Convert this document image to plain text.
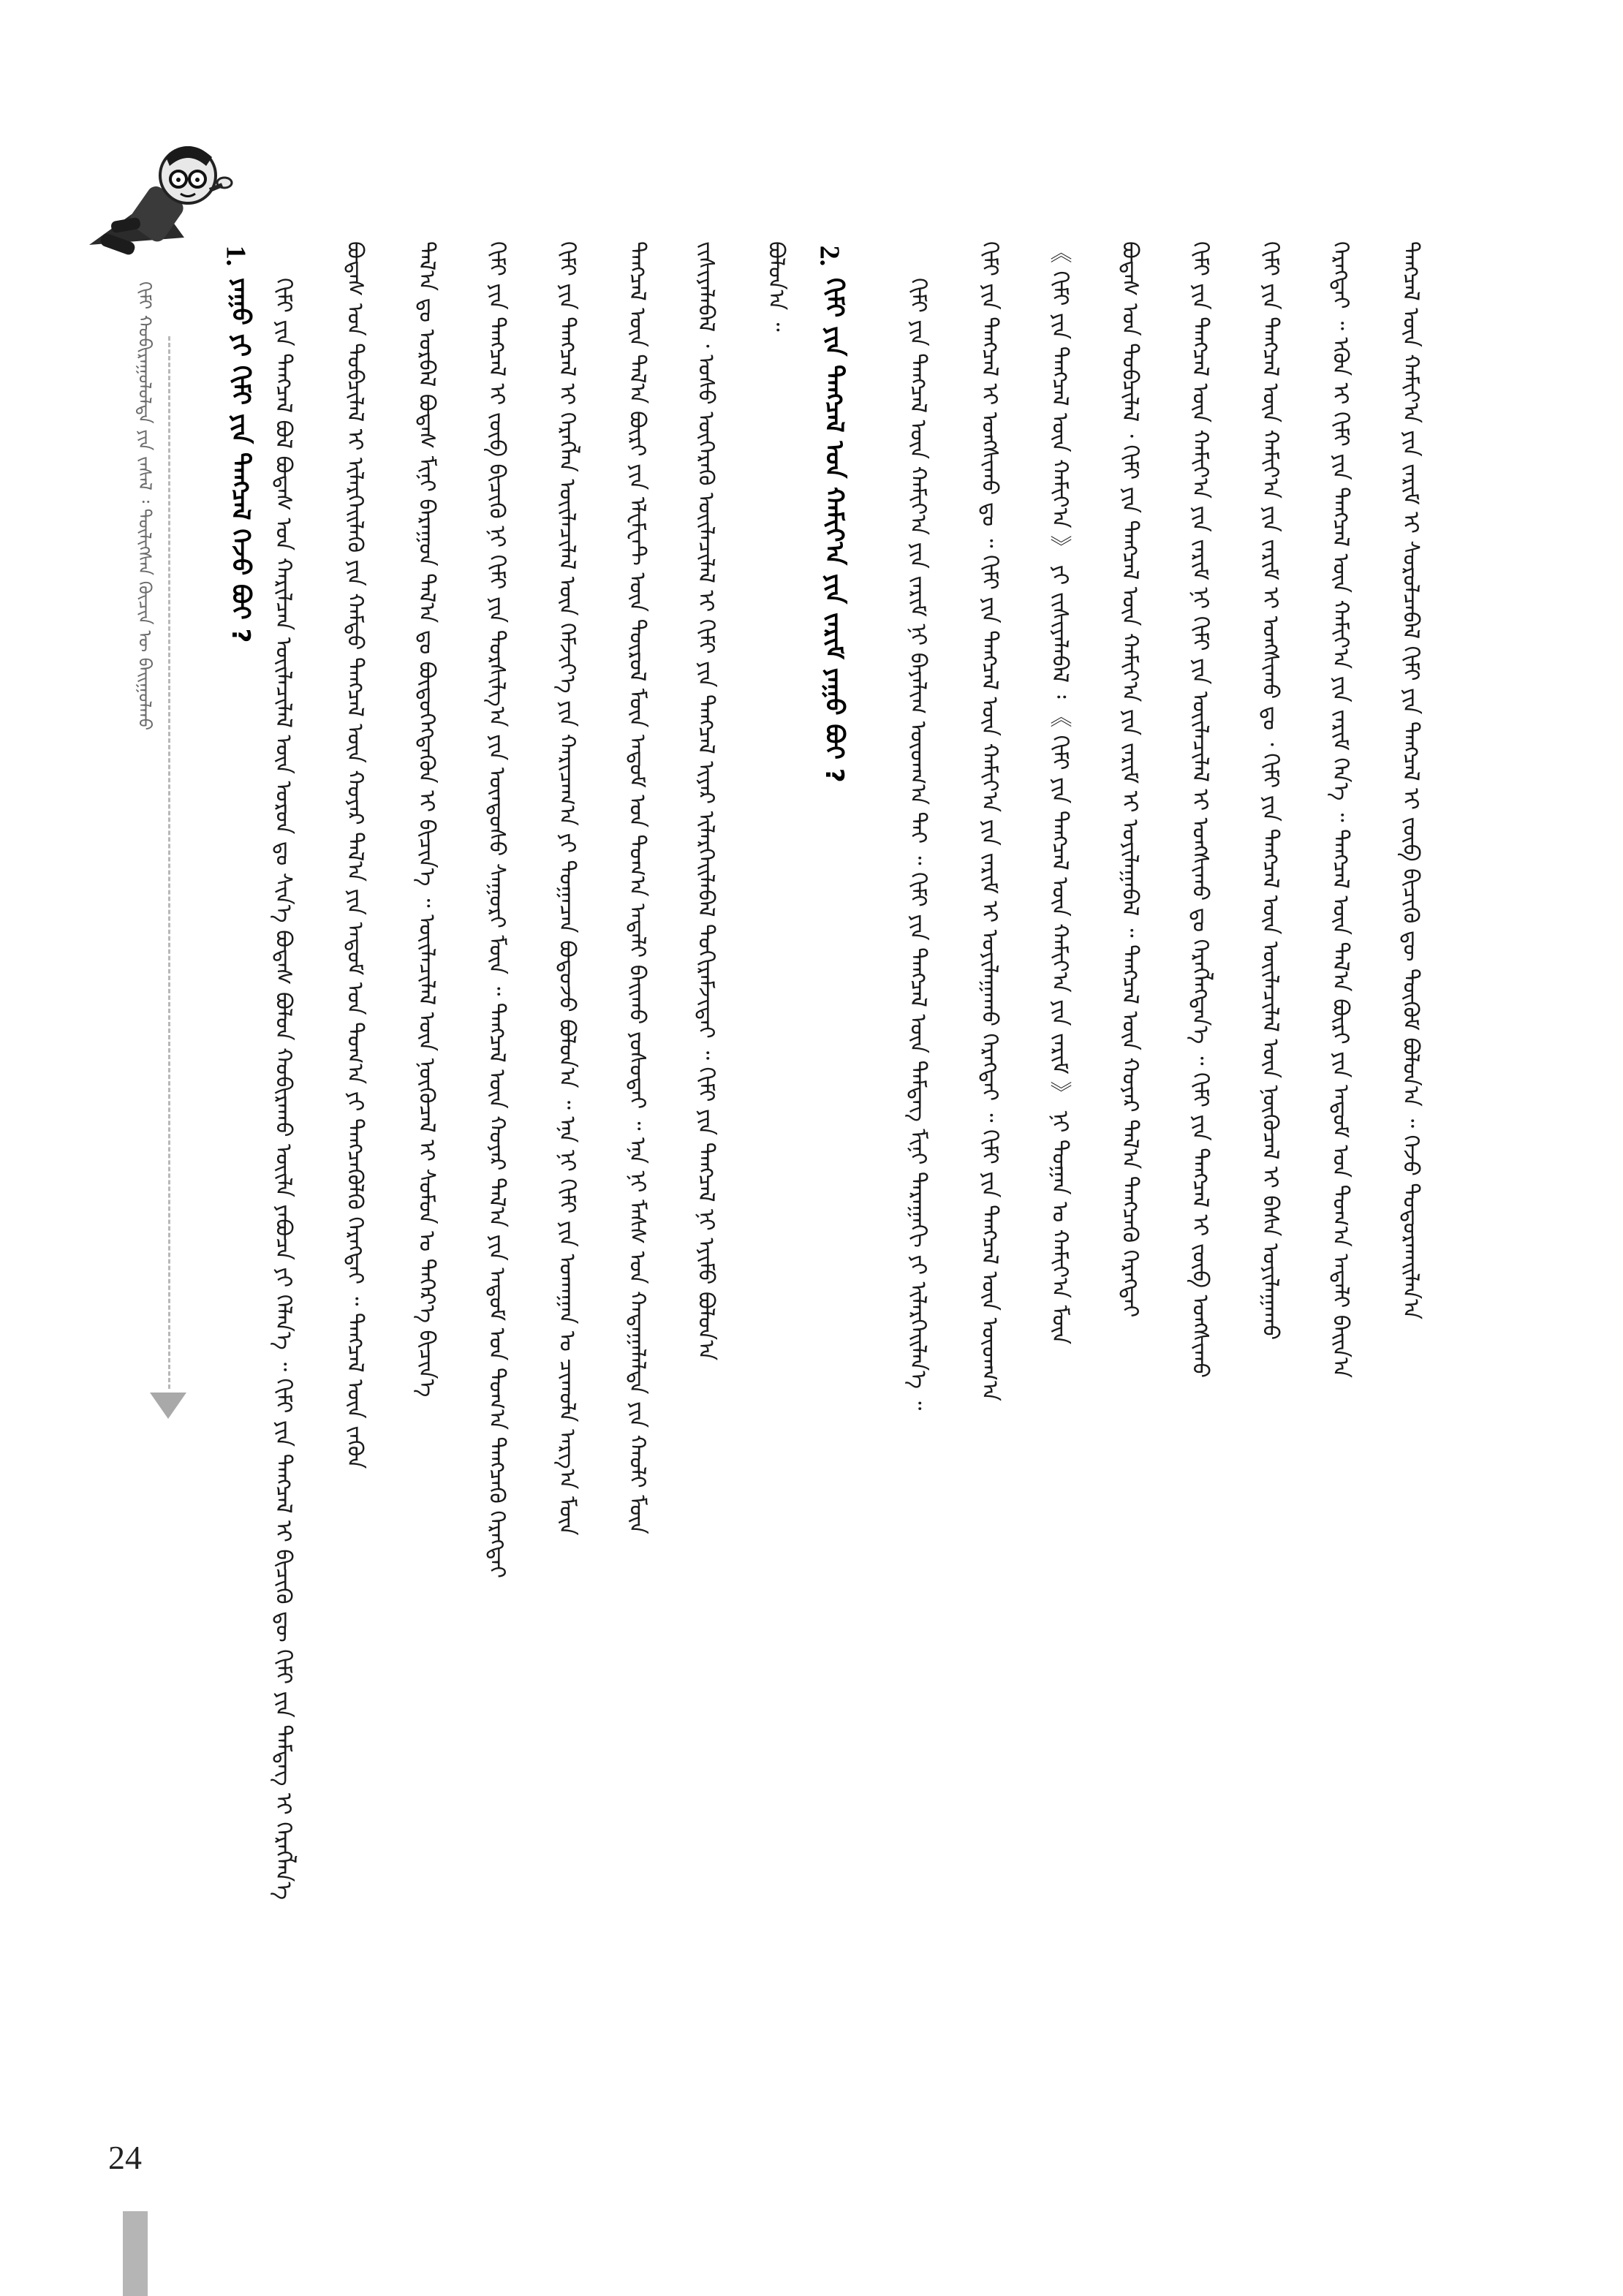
ᠬᠢᠮᠢ ᠬᠤᠪᠢᠷᠠᠭᠤᠯᠤᠯᠲᠠ ᠶᠢᠨ ᠵᠠᠰᠠᠯ ᠄ ᠲᠦᠯᠢᠭᠰᠡᠨ ᠬᠦᠴᠢᠨ ᠦ ᠪᠠᠢᠭᠤᠯᠬᠤ
1.
ᠶᠠᠭᠤ ᠶᠢ ᠬᠢᠮᠢ ᠶᠢᠨ ᠲᠡᠩᠴᠡᠯ ᠭᠡᠵᠦ ᠪᠤᠢ ? ᠬᠢᠮᠢ ᠶᠢᠨ ᠲᠡᠩᠴᠡᠯ ᠪᠣᠯ ᠪᠤᠳᠠᠰ ᠤᠨ ᠬᠠᠷᠢᠯᠴᠠᠨ ᠦᠢᠯᠡᠴᠢᠯᠡᠯ ᠦᠨ ᠤᠷᠤᠨ ᠳᠤ ᠰᠢᠨ᠎ᠡ ᠪᠤᠳᠠᠰ ᠪᠣᠯᠤᠨ ᠬᠤᠪᠢᠷᠠᠬᠤ ᠦᠢᠯᠡ ᠶᠠᠪᠤᠴᠠ ᠶᠢ ᠬᠡᠯᠡᠨ᠎ᠡ ᠃ ᠬᠢᠮᠢ ᠶᠢᠨ ᠲᠡᠩᠴᠡᠯ ᠢ ᠪᠢᠴᠢᠬᠦ ᠳᠦ ᠬᠢᠮᠢ ᠶᠢᠨ ᠲᠡᠮᠳᠡᠭ ᠢ ᠬᠡᠷᠡᠭᠯᠡᠨ᠎ᠡ ᠪᠤᠳᠠᠰ ᠤᠨ ᠲᠤᠪᠴᠢᠯᠠᠯ ᠢ ᠢᠯᠡᠷᠬᠡᠢᠯᠡᠬᠦ ᠶᠢᠨ ᠬᠠᠮᠲᠤ ᠲᠡᠩᠴᠡᠯ ᠦᠨ ᠬᠣᠶᠠᠷ ᠲᠠᠯ᠎ᠠ ᠶᠢᠨ ᠠᠲᠣᠮ ᠤᠨ ᠲᠣᠭ᠎ᠠ ᠶᠢ ᠲᠡᠩᠴᠡᠭᠦᠯᠬᠦ ᠬᠡᠷᠡᠭᠲᠡᠢ ᠃ ᠲᠡᠩᠴᠡᠯ ᠦᠨ ᠵᠡᠭᠦᠨ ᠲᠠᠯ᠎ᠠ ᠳᠤ ᠤᠷᠪᠠᠯ ᠪᠤᠳᠠᠰ ᠮᠢᠨᠢ ᠪᠠᠷᠠᠭᠤᠨ ᠲᠠᠯ᠎ᠠ ᠳᠤ ᠪᠦᠲᠦᠭᠡᠭᠳᠡᠬᠦᠨ ᠢ ᠪᠢᠴᠢᠨ᠎ᠡ ᠃ ᠦᠢᠯᠡᠴᠢᠯᠡᠯ ᠦᠨ ᠨᠥᠬᠦᠴᠡᠯ ᠢ ᠰᠤᠮᠤᠨ ᠤ ᠳᠡᠭᠡᠷ᠎ᠡ ᠪᠢᠴᠢᠨ᠎ᠡ ᠬᠢᠮᠢ ᠶᠢᠨ ᠲᠡᠩᠴᠡᠯ ᠢ ᠵᠦᠪ ᠪᠢᠴᠢᠬᠦ ᠨᠢ ᠬᠢᠮᠢ ᠶᠢᠨ ᠲᠤᠷᠰᠢᠯᠭ᠎ᠠ ᠶᠢᠨ ᠦᠨᠳᠦᠰᠦ ᠰᠠᠭᠤᠷᠢ ᠮᠥᠨ ᠃ ᠲᠡᠩᠴᠡᠯ ᠦᠨ ᠬᠣᠶᠠᠷ ᠲᠠᠯ᠎ᠠ ᠶᠢᠨ ᠠᠲᠣᠮ ᠤᠨ ᠲᠣᠭ᠎ᠠ ᠲᠡᠩᠴᠡᠬᠦ ᠬᠡᠷᠡᠭᠲᠡᠢ ᠬᠢᠮᠢ ᠶᠢᠨ ᠲᠡᠩᠴᠡᠯ ᠢ ᠬᠡᠷᠡᠭᠯᠡᠨ ᠦᠢᠯᠡᠴᠢᠯᠡᠯ ᠦᠨ ᠬᠡᠮᠵᠢᠶ᠎ᠡ ᠶᠢᠨ ᠬᠠᠷᠢᠴᠠᠭ᠎ᠠ ᠶᠢ ᠲᠣᠭᠠᠴᠠᠨ ᠪᠣᠳᠣᠵᠤ ᠪᠣᠯᠣᠨ᠎ᠠ ᠃ ᠡᠨᠡ ᠨᠢ ᠬᠢᠮᠢ ᠶᠢᠨ ᠤᠬᠠᠭᠠᠨ ᠤ ᠴᠢᠬᠤᠯᠠ ᠠᠷᠭ᠎ᠠ ᠮᠥᠨ ᠲᠡᠩᠴᠡᠯ ᠦᠨ ᠲᠠᠯ᠎ᠠ ᠪᠦᠷᠢ ᠶᠢᠨ ᠡᠯᠸᠮᠸᠨᠲ ᠦᠨ ᠲᠥᠷᠥᠯ ᠮᠥᠨ ᠠᠲᠣᠮ ᠤᠨ ᠲᠣᠭ᠎ᠠ ᠠᠳᠠᠯᠢ ᠪᠠᠢᠬᠤ ᠶᠣᠰᠣᠲᠠᠢ ᠃ ᠡᠨᠡ ᠨᠢ ᠮᠠᠰᠰ ᠤᠨ ᠬᠠᠳᠠᠭᠠᠯᠠᠯᠲᠠ ᠶᠢᠨ ᠬᠠᠤᠯᠢ ᠮᠥᠨ ᠵᠢᠱᠢᠶᠡᠯᠡᠪᠡᠯ ᠂ ᠤᠰᠤ ᠦᠭᠡᠷᠡᠬᠦ ᠦᠢᠯᠡᠴᠢᠯᠡᠯ ᠢ ᠬᠢᠮᠢ ᠶᠢᠨ ᠲᠡᠩᠴᠡᠯ ᠢᠶᠡᠷ ᠢᠯᠡᠷᠬᠡᠢᠯᠡᠪᠡᠯ ᠲᠣᠬᠢᠷᠠᠮᠵᠢᠲᠠᠢ ᠃ ᠬᠢᠮᠢ ᠶᠢᠨ ᠲᠡᠩᠴᠡᠯ ᠨᠢ ᠡᠶᠢᠮᠦ ᠪᠣᠯᠣᠨ᠎ᠠ ᠪᠣᠯᠣᠨ᠎ᠠ ᠃ 2.
ᠬᠢᠮᠢ ᠶᠢᠨ ᠲᠡᠩᠴᠡᠯ ᠤᠨ ᠬᠠᠮᠢᠶ᠎ᠠ ᠶᠢᠨ ᠵᠠᠷᠢᠮ ᠶᠠᠭᠤ ᠪᠤᠢ ?	ᠬᠢᠮᠢ ᠶᠢᠨ ᠲᠡᠩᠴᠡᠯ ᠦᠨ ᠬᠠᠮᠢᠶ᠎ᠠ ᠶᠢᠨ ᠵᠠᠷᠢᠮ ᠨᠢ ᠪᠠᠶᠠᠯᠢᠭ ᠦᠳᠬ᠎ᠠ ᠲᠠᠢ ᠃ ᠬᠢᠮᠢ ᠶᠢᠨ ᠲᠡᠩᠴᠡᠯ ᠦᠨ ᠲᠡᠮᠳᠡᠭ ᠮᠢᠨᠢ ᠳᠠᠷᠠᠭᠠᠬᠢ ᠶᠢ ᠢᠯᠡᠷᠬᠡᠢᠯᠡᠨ᠎ᠡ ᠃ ᠬᠢᠮᠢ ᠶᠢᠨ ᠲᠡᠩᠴᠡᠯ ᠢ ᠤᠩᠰᠢᠬᠤ ᠳᠤ ᠃ ᠬᠢᠮᠢ ᠶᠢᠨ ᠲᠡᠩᠴᠡᠯ ᠦᠨ ᠬᠠᠮᠢᠶ᠎ᠠ ᠶᠢᠨ ᠵᠠᠷᠢᠮ ᠢ ᠣᠶᠢᠯᠠᠭᠠᠬᠤ ᠬᠡᠷᠡᠭᠲᠡᠢ ᠃ ᠬᠢᠮᠢ ᠶᠢᠨ ᠲᠡᠩᠴᠡᠯ ᠦᠨ ᠦᠳᠬ᠎ᠠ 《 ᠬᠢᠮᠢ ᠶᠢᠨ ᠲᠡᠩᠴᠡᠯ ᠦᠨ ᠬᠠᠮᠢᠶ᠎ᠠ 》 ᠶᠢ ᠵᠢᠱᠢᠶᠡᠯᠡᠪᠡᠯ ᠄ 《 ᠬᠢᠮᠢ ᠶᠢᠨ ᠲᠡᠩᠴᠡᠯ ᠦᠨ ᠬᠠᠮᠢᠶ᠎ᠠ ᠶᠢᠨ ᠵᠠᠷᠢᠮ 》 ᠨᠢ ᠲᠣᠭᠠᠨ ᠤ ᠬᠠᠮᠢᠶ᠎ᠠ ᠮᠥᠨ ᠪᠤᠳᠠᠰ ᠤᠨ ᠲᠤᠪᠴᠢᠯᠠᠯ ᠂ ᠬᠢᠮᠢ ᠶᠢᠨ ᠲᠡᠩᠴᠡᠯ ᠦᠨ ᠬᠠᠮᠢᠶ᠎ᠠ ᠶᠢᠨ ᠵᠠᠷᠢᠮ ᠢ ᠣᠶᠢᠯᠠᠭᠠᠪᠠᠯ ᠃ ᠲᠡᠩᠴᠡᠯ ᠦᠨ ᠬᠣᠶᠠᠷ ᠲᠠᠯ᠎ᠠ ᠲᠡᠩᠴᠡᠬᠦ ᠬᠡᠷᠡᠭᠲᠡᠢ ᠬᠢᠮᠢ ᠶᠢᠨ ᠲᠡᠩᠴᠡᠯ ᠦᠨ ᠬᠠᠮᠢᠶ᠎ᠠ ᠶᠢᠨ ᠵᠠᠷᠢᠮ ᠨᠢ ᠬᠢᠮᠢ ᠶᠢᠨ ᠦᠢᠯᠡᠴᠢᠯᠡᠯ ᠢ ᠤᠩᠰᠢᠬᠤ ᠳᠤ ᠬᠡᠷᠡᠭᠯᠡᠭᠳᠡᠨ᠎ᠡ ᠃ ᠬᠢᠮᠢ ᠶᠢᠨ ᠲᠡᠩᠴᠡᠯ ᠢ ᠵᠦᠪ ᠤᠩᠰᠢᠬᠤ ᠬᠢᠮᠢ ᠶᠢᠨ ᠲᠡᠩᠴᠡᠯ ᠦᠨ ᠬᠠᠮᠢᠶ᠎ᠠ ᠶᠢᠨ ᠵᠠᠷᠢᠮ ᠢ ᠤᠩᠰᠢᠬᠤ ᠳᠤ ᠂ ᠬᠢᠮᠢ ᠶᠢᠨ ᠲᠡᠩᠴᠡᠯ ᠦᠨ ᠦᠢᠯᠡᠴᠢᠯᠡᠯ ᠦᠨ ᠨᠥᠬᠦᠴᠡᠯ ᠢ ᠪᠠᠰᠠ ᠣᠶᠢᠯᠠᠭᠠᠬᠤ ᠬᠡᠷᠡᠭᠲᠡᠢ ᠃ ᠡᠭᠦᠨ ᠢ ᠬᠢᠮᠢ ᠶᠢᠨ ᠲᠡᠩᠴᠡᠯ ᠦᠨ ᠬᠠᠮᠢᠶ᠎ᠠ ᠶᠢᠨ ᠵᠠᠷᠢᠮ ᠭᠡᠨ᠎ᠡ ᠃ ᠲᠡᠩᠴᠡᠯ ᠦᠨ ᠲᠠᠯ᠎ᠠ ᠪᠦᠷᠢ ᠶᠢᠨ ᠠᠲᠣᠮ ᠤᠨ ᠲᠣᠭ᠎ᠠ ᠠᠳᠠᠯᠢ ᠪᠠᠢᠨ᠎ᠠ ᠲᠡᠩᠴᠡᠯ ᠦᠨ ᠬᠠᠮᠢᠶ᠎ᠠ ᠶᠢᠨ ᠵᠠᠷᠢᠮ ᠢ ᠰᠤᠷᠤᠯᠴᠠᠪᠠᠯ ᠬᠢᠮᠢ ᠶᠢᠨ ᠲᠡᠩᠴᠡᠯ ᠢ ᠵᠦᠪ ᠪᠢᠴᠢᠬᠦ ᠳᠦ ᠳᠦᠬᠦᠮ ᠪᠣᠯᠣᠨ᠎ᠠ ᠃ ᠭᠡᠵᠦ ᠲᠣᠳᠣᠷᠬᠠᠢᠯᠠᠨ᠎ᠠ
24
